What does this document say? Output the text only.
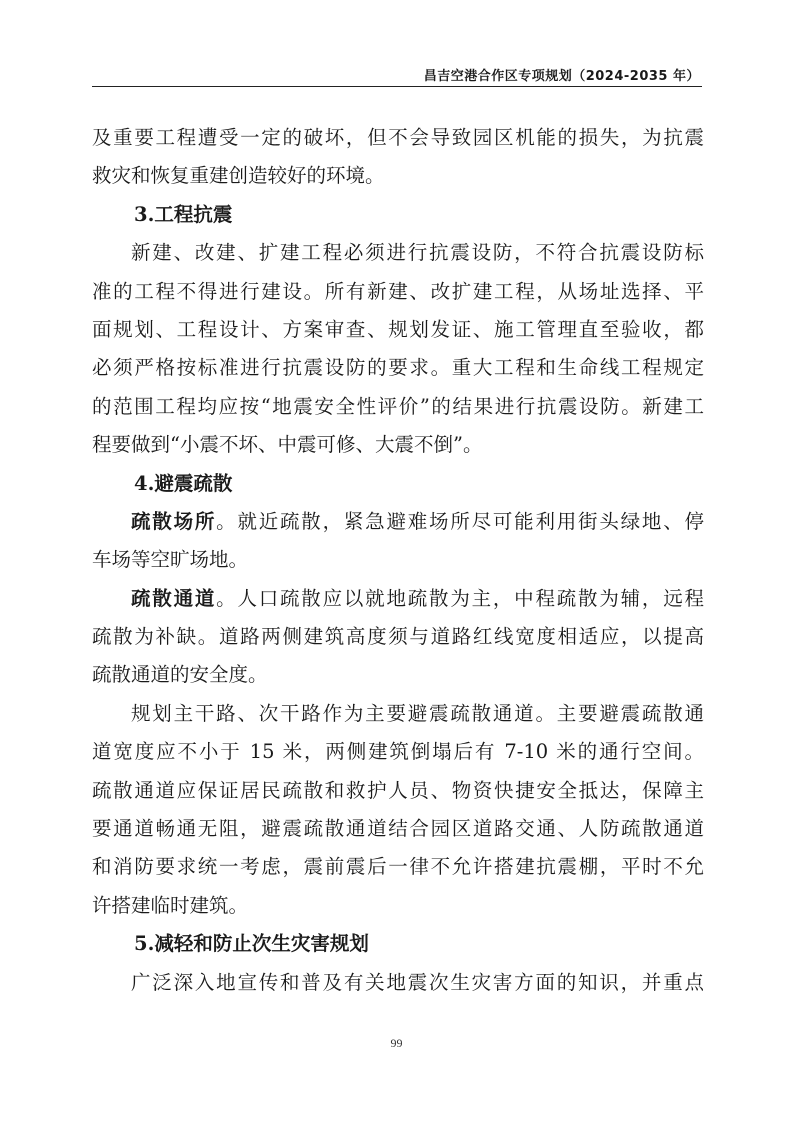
昌吉空港合作区专项规划（2024-2035 年）
及重要工程遭受一定的破坏，但不会导致园区机能的损失，为抗震
救灾和恢复重建创造较好的环境。
3.工程抗震
新建、改建、扩建工程必须进行抗震设防，不符合抗震设防标
准的工程不得进行建设。所有新建、改扩建工程，从场址选择、平
面规划、工程设计、方案审查、规划发证、施工管理直至验收，都
必须严格按标准进行抗震设防的要求。重大工程和生命线工程规定
的范围工程均应按“地震安全性评价”的结果进行抗震设防。新建工
程要做到“小震不坏、中震可修、大震不倒”。
4.避震疏散
疏散场所。就近疏散，紧急避难场所尽可能利用街头绿地、停
车场等空旷场地。
疏散通道。人口疏散应以就地疏散为主，中程疏散为辅，远程
疏散为补缺。道路两侧建筑高度须与道路红线宽度相适应，以提高
疏散通道的安全度。
规划主干路、次干路作为主要避震疏散通道。主要避震疏散通
道宽度应不小于 15 米，两侧建筑倒塌后有 7-10 米的通行空间。
疏散通道应保证居民疏散和救护人员、物资快捷安全抵达，保障主
要通道畅通无阻，避震疏散通道结合园区道路交通、人防疏散通道
和消防要求统一考虑，震前震后一律不允许搭建抗震棚，平时不允
许搭建临时建筑。
5.减轻和防止次生灾害规划
广泛深入地宣传和普及有关地震次生灾害方面的知识，并重点
99
